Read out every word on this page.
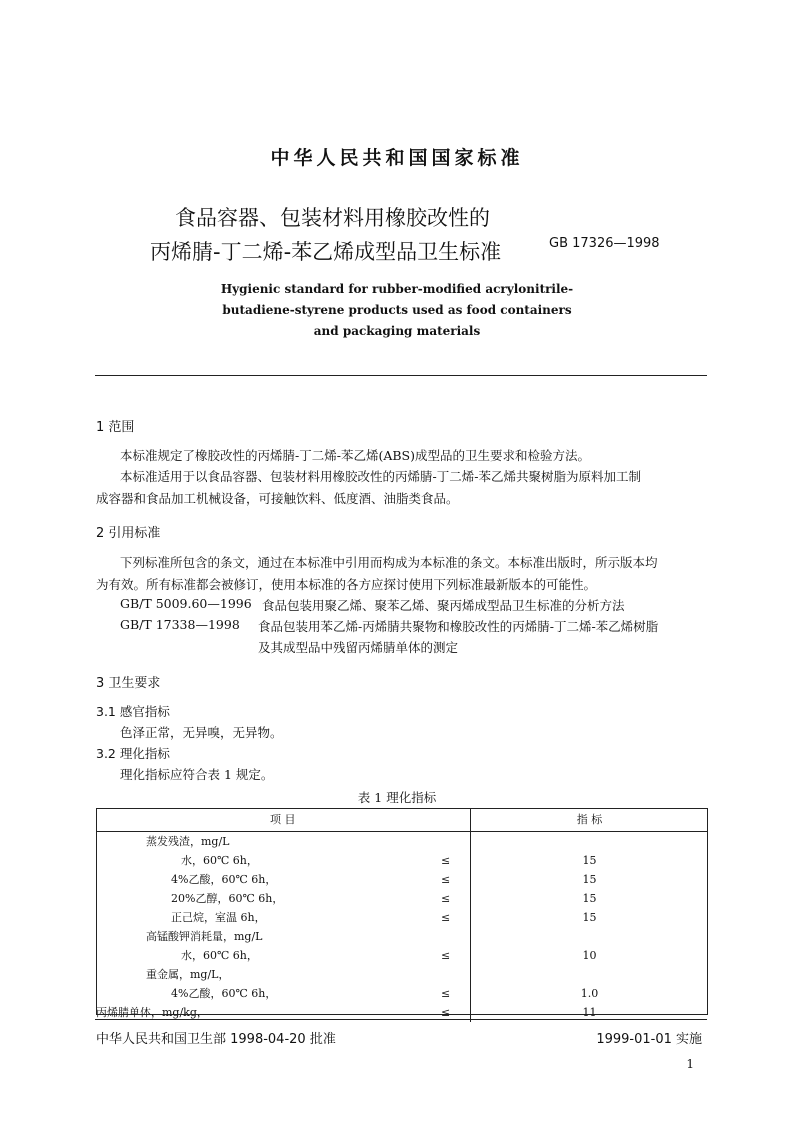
中华人民共和国国家标准
食品容器、包装材料用橡胶改性的
丙烯腈-丁二烯-苯乙烯成型品卫生标准	GB 17326—1998
Hygienic standard for rubber-modified acrylonitrile-
butadiene-styrene products used as food containers
and packaging materials
1 范围
本标准规定了橡胶改性的丙烯腈-丁二烯-苯乙烯(ABS)成型品的卫生要求和检验方法。
本标准适用于以食品容器、包装材料用橡胶改性的丙烯腈-丁二烯-苯乙烯共聚树脂为原料加工制
成容器和食品加工机械设备，可接触饮料、低度酒、油脂类食品。
2 引用标准
下列标准所包含的条文，通过在本标准中引用而构成为本标准的条文。本标准出版时，所示版本均
为有效。所有标准都会被修订，使用本标准的各方应探讨使用下列标准最新版本的可能性。
GB/T 5009.60—1996 食品包装用聚乙烯、聚苯乙烯、聚丙烯成型品卫生标准的分析方法
GB/T 17338—1998 食品包装用苯乙烯-丙烯腈共聚物和橡胶改性的丙烯腈-丁二烯-苯乙烯树脂
及其成型品中残留丙烯腈单体的测定
3 卫生要求
3.1 感官指标
色泽正常，无异嗅，无异物。
3.2 理化指标
理化指标应符合表 1 规定。
表 1 理化指标
项 目		指 标
蒸发残渣，mg/L

水，60℃ 6h， ≤		15
4%乙酸，60℃ 6h， ≤		15
20%乙醇，60℃ 6h， ≤		15
正己烷，室温 6h， ≤		15
高锰酸钾消耗量，mg/L

水，60℃ 6h， ≤		10
重金属，mg/L，

4%乙酸，60℃ 6h， ≤		1.0
丙烯腈单体，mg/kg， ≤		11
中华人民共和国卫生部 1998-04-20 批准	1999-01-01 实施
1
